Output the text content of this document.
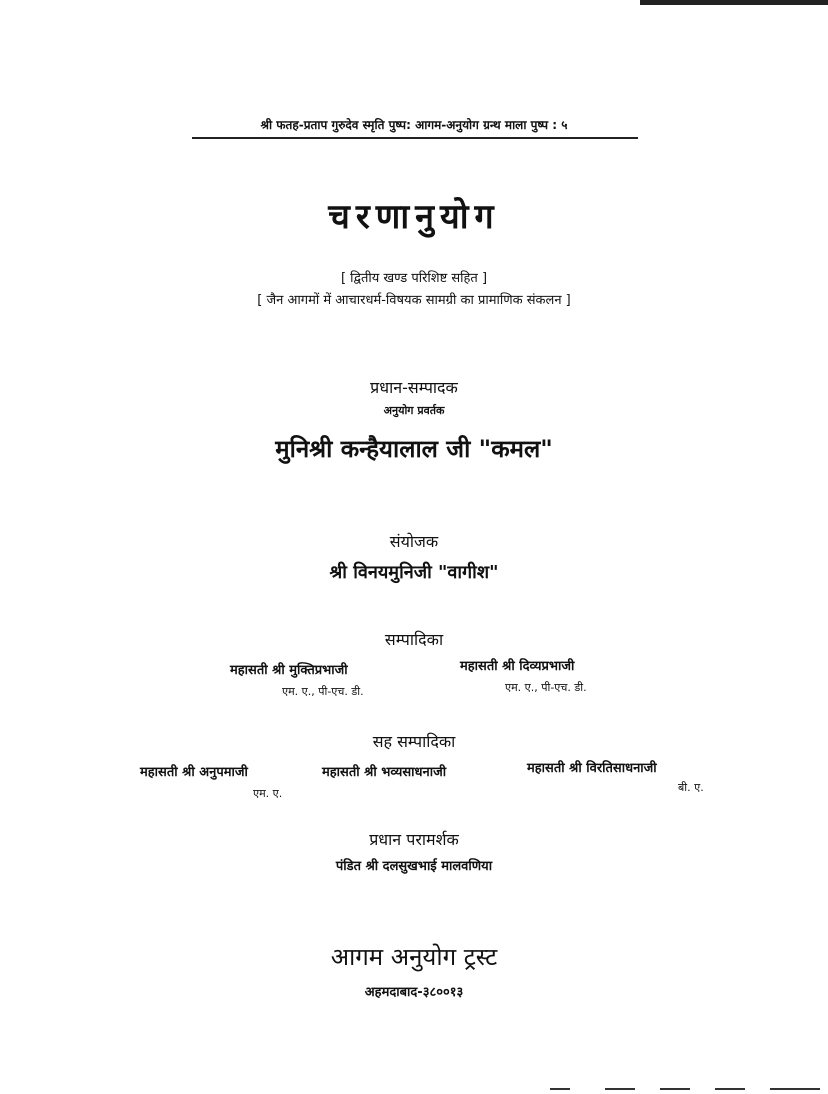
श्री फतह-प्रताप गुरुदेव स्मृति पुष्प: आगम-अनुयोग ग्रन्थ माला पुष्प : ५
चरणानुयोग
[ द्वितीय खण्ड परिशिष्ट सहित ]
[ जैन आगमों में आचारधर्म-विषयक सामग्री का प्रामाणिक संकलन ]
प्रधान-सम्पादक
अनुयोग प्रवर्तक
मुनिश्री कन्हैयालाल जी "कमल"
संयोजक
श्री विनयमुनिजी "वागीश"
सम्पादिका
महासती श्री मुक्तिप्रभाजी
एम. ए., पी-एच. डी.
महासती श्री दिव्यप्रभाजी
एम. ए., पी-एच. डी.
सह सम्पादिका
महासती श्री अनुपमाजी
एम. ए.
महासती श्री भव्यसाधनाजी	महासती श्री विरतिसाधनाजी
बी. ए.
प्रधान परामर्शक
पंडित श्री दलसुखभाई मालवणिया
आगम अनुयोग ट्रस्ट
अहमदाबाद-३८००१३
